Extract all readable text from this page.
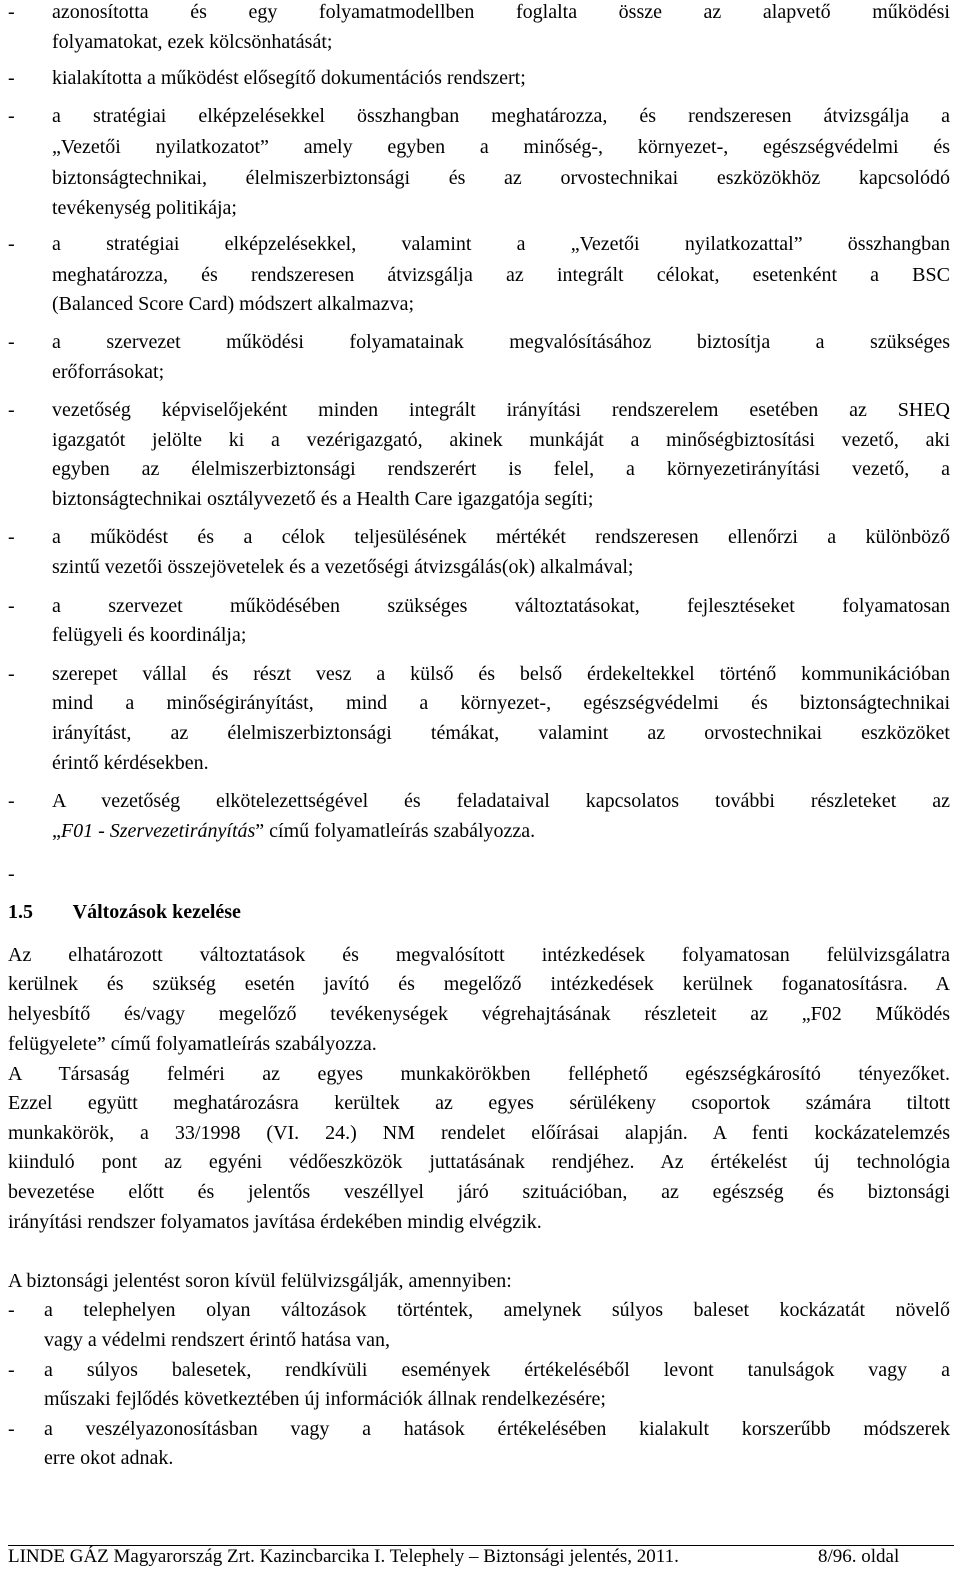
- azonosította és egy folyamatmodellben foglalta össze az alapvető működési
folyamatokat, ezek kölcsönhatását;
- kialakította a működést elősegítő dokumentációs rendszert;
- a stratégiai elképzelésekkel összhangban meghatározza, és rendszeresen átvizsgálja a
„Vezetői nyilatkozatot” amely egyben a minőség-, környezet-, egészségvédelmi és
biztonságtechnikai, élelmiszerbiztonsági és az orvostechnikai eszközökhöz kapcsolódó
tevékenység politikája;
- a stratégiai elképzelésekkel, valamint a „Vezetői nyilatkozattal” összhangban
meghatározza, és rendszeresen átvizsgálja az integrált célokat, esetenként a BSC
(Balanced Score Card) módszert alkalmazva;
- a szervezet működési folyamatainak megvalósításához biztosítja a szükséges
erőforrásokat;
- vezetőség képviselőjeként minden integrált irányítási rendszerelem esetében az SHEQ
igazgatót jelölte ki a vezérigazgató, akinek munkáját a minőségbiztosítási vezető, aki
egyben az élelmiszerbiztonsági rendszerért is felel, a környezetirányítási vezető, a
biztonságtechnikai osztályvezető és a Health Care igazgatója segíti;
- a működést és a célok teljesülésének mértékét rendszeresen ellenőrzi a különböző
szintű vezetői összejövetelek és a vezetőségi átvizsgálás(ok) alkalmával;
- a szervezet működésében szükséges változtatásokat, fejlesztéseket folyamatosan
felügyeli és koordinálja;
- szerepet vállal és részt vesz a külső és belső érdekeltekkel történő kommunikációban
mind a minőségirányítást, mind a környezet-, egészségvédelmi és biztonságtechnikai
irányítást, az élelmiszerbiztonsági témákat, valamint az orvostechnikai eszközöket
érintő kérdésekben.
- A vezetőség elkötelezettségével és feladataival kapcsolatos további részleteket az
„F01 - Szervezetirányítás” című folyamatleírás szabályozza.
-
1.5 Változások kezelése
Az elhatározott változtatások és megvalósított intézkedések folyamatosan felülvizsgálatra
kerülnek és szükség esetén javító és megelőző intézkedések kerülnek foganatosításra. A
helyesbítő és/vagy megelőző tevékenységek végrehajtásának részleteit az „F02 Működés
felügyelete” című folyamatleírás szabályozza.
A Társaság felméri az egyes munkakörökben felléphető egészségkárosító tényezőket.
Ezzel együtt meghatározásra kerültek az egyes sérülékeny csoportok számára tiltott
munkakörök, a 33/1998 (VI. 24.) NM rendelet előírásai alapján. A fenti kockázatelemzés
kiinduló pont az egyéni védőeszközök juttatásának rendjéhez. Az értékelést új technológia
bevezetése előtt és jelentős veszéllyel járó szituációban, az egészség és biztonsági
irányítási rendszer folyamatos javítása érdekében mindig elvégzik.
A biztonsági jelentést soron kívül felülvizsgálják, amennyiben:
- a telephelyen olyan változások történtek, amelynek súlyos baleset kockázatát növelő
vagy a védelmi rendszert érintő hatása van,
- a súlyos balesetek, rendkívüli események értékeléséből levont tanulságok vagy a
műszaki fejlődés következtében új információk állnak rendelkezésére;
- a veszélyazonosításban vagy a hatások értékelésében kialakult korszerűbb módszerek
erre okot adnak.
LINDE GÁZ Magyarország Zrt. Kazincbarcika I. Telephely – Biztonsági jelentés, 2011.	8/96. oldal
